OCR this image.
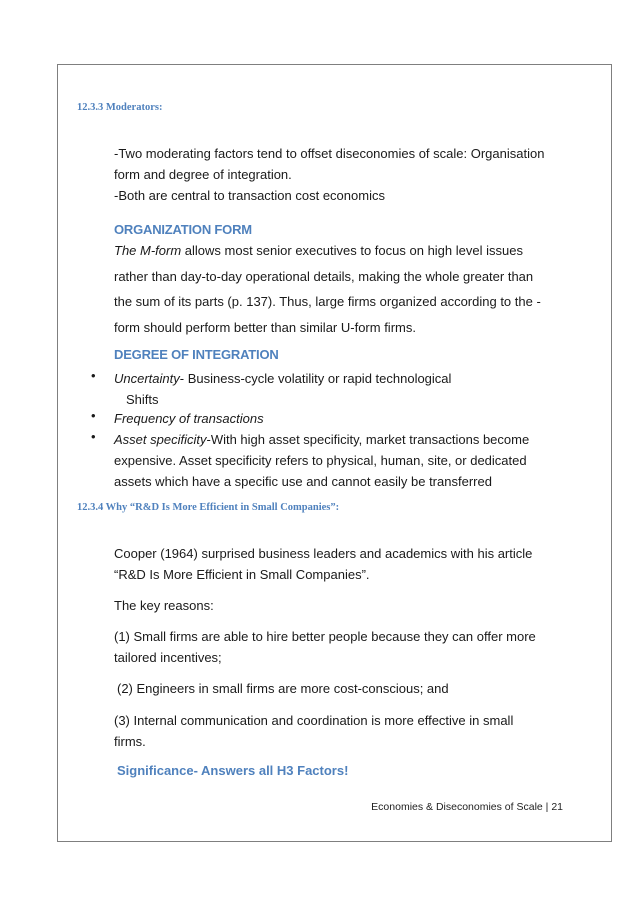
12.3.3 Moderators:
-Two moderating factors tend to offset diseconomies of scale: Organisation
form and degree of integration.
-Both are central to transaction cost economics
ORGANIZATION FORM
The M-form allows most senior executives to focus on high level issues
rather than day-to-day operational details, making the whole greater than
the sum of its parts (p. 137). Thus, large firms organized according to the -
form should perform better than similar U-form firms.
DEGREE OF INTEGRATION
• Uncertainty- Business-cycle volatility or rapid technological
Shifts
• Frequency of transactions
• Asset specificity-With high asset specificity, market transactions become
expensive. Asset specificity refers to physical, human, site, or dedicated
assets which have a specific use and cannot easily be transferred
12.3.4 Why “R&D Is More Efficient in Small Companies”:
Cooper (1964) surprised business leaders and academics with his article
“R&D Is More Efficient in Small Companies”.
The key reasons:
(1) Small firms are able to hire better people because they can offer more
tailored incentives;
(2) Engineers in small firms are more cost-conscious; and
(3) Internal communication and coordination is more effective in small
firms.
Significance- Answers all H3 Factors!
Economies & Diseconomies of Scale | 21
